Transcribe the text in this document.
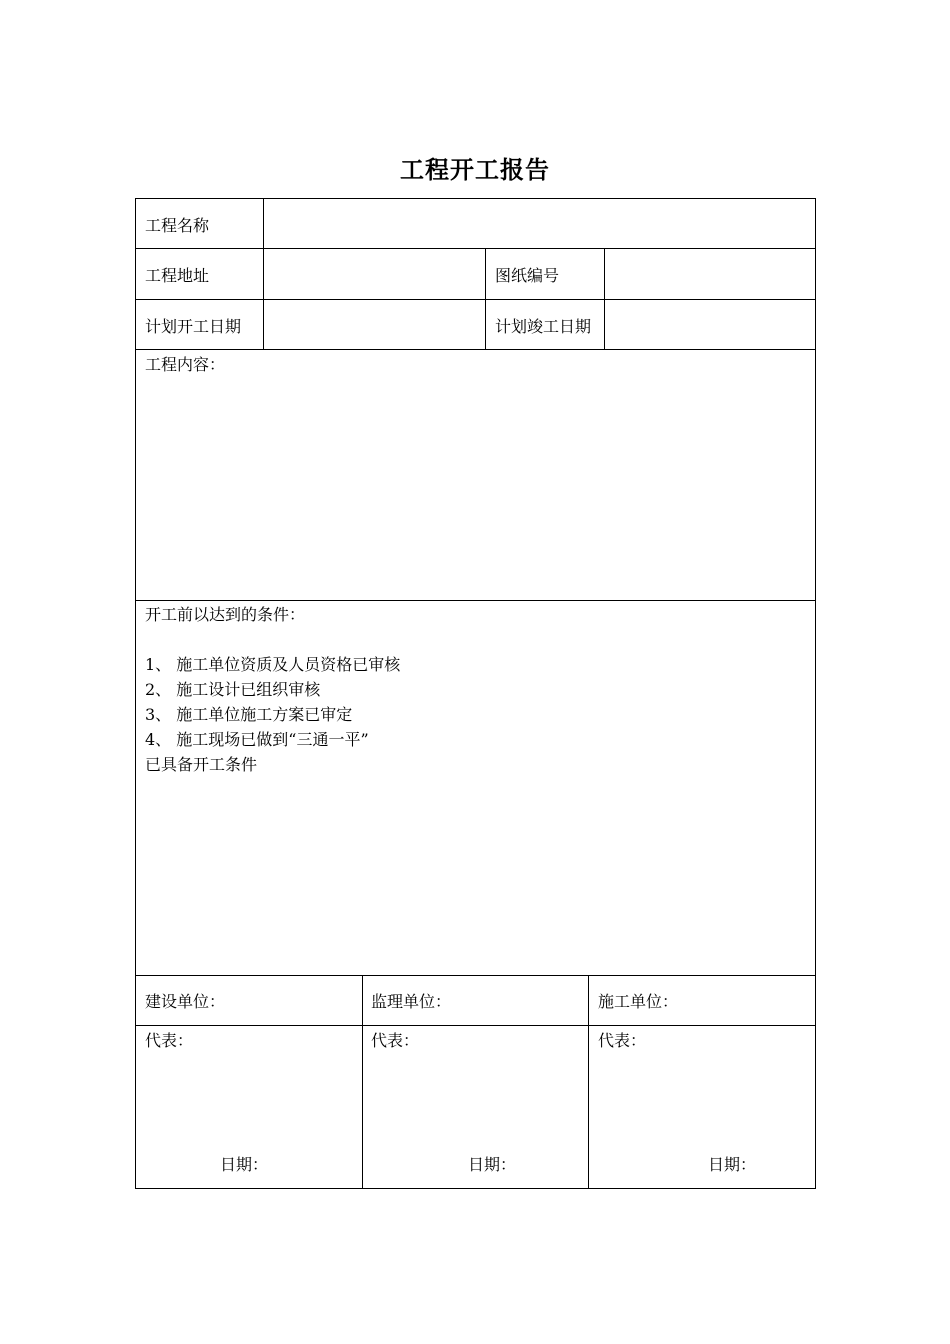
工程开工报告
工程名称
工程地址	图纸编号
计划开工日期	计划竣工日期
工程内容：
开工前以达到的条件：
1、 施工单位资质及人员资格已审核
2、 施工设计已组织审核
3、 施工单位施工方案已审定
4、 施工现场已做到“三通一平”
已具备开工条件
建设单位：	监理单位：	施工单位：
代表：	代表：	代表：
日期：	日期：	日期：
